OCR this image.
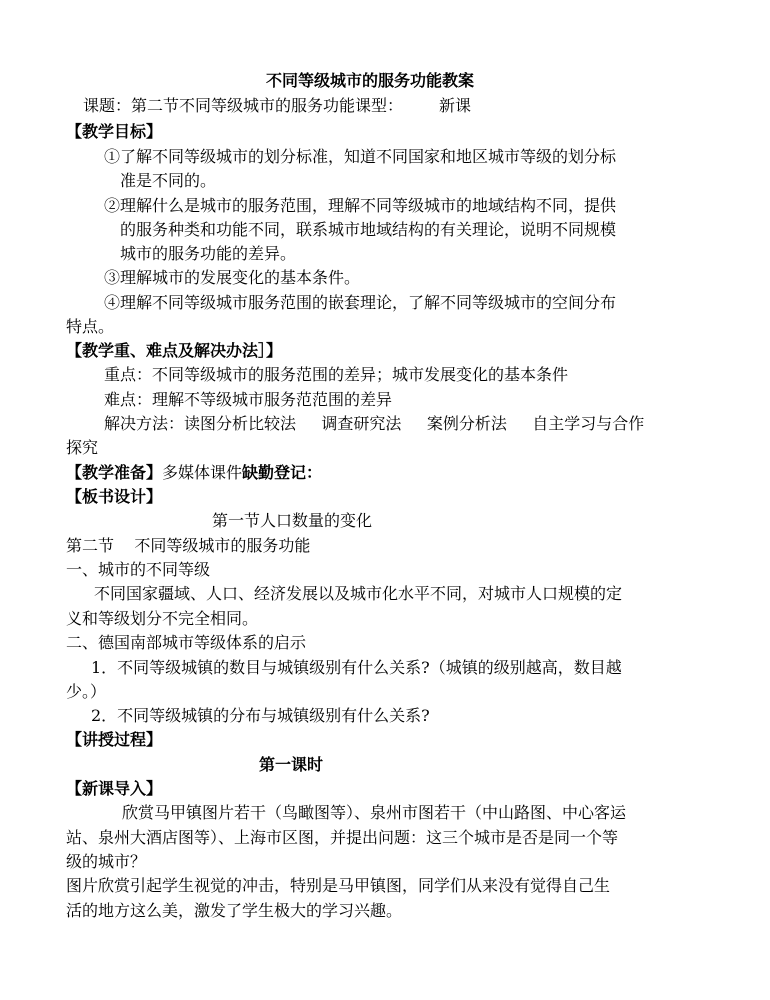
不同等级城市的服务功能教案
课题：第二节不同等级城市的服务功能课型： 新课
【教学目标】
①了解不同等级城市的划分标准，知道不同国家和地区城市等级的划分标
准是不同的。
②理解什么是城市的服务范围，理解不同等级城市的地域结构不同，提供
的服务种类和功能不同，联系城市地域结构的有关理论，说明不同规模
城市的服务功能的差异。
③理解城市的发展变化的基本条件。
④理解不同等级城市服务范围的嵌套理论，了解不同等级城市的空间分布
特点。
【教学重、难点及解决办法］】
重点：不同等级城市的服务范围的差异；城市发展变化的基本条件
难点：理解不等级城市服务范范围的差异
解决方法：读图分析比较法     调查研究法     案例分析法     自主学习与合作
探究
【教学准备】多媒体课件缺勤登记：
【板书设计】
第一节人口数量的变化
第二节    不同等级城市的服务功能
一、城市的不同等级
不同国家疆域、人口、经济发展以及城市化水平不同，对城市人口规模的定
义和等级划分不完全相同。
二、德国南部城市等级体系的启示
1．不同等级城镇的数目与城镇级别有什么关系?（城镇的级别越高，数目越
少。）
2．不同等级城镇的分布与城镇级别有什么关系?
【讲授过程】
第一课时
【新课导入】
欣赏马甲镇图片若干（鸟瞰图等）、泉州市图若干（中山路图、中心客运
站、泉州大酒店图等）、上海市区图，并提出问题：这三个城市是否是同一个等
级的城市？
图片欣赏引起学生视觉的冲击，特别是马甲镇图，同学们从来没有觉得自己生
活的地方这么美，激发了学生极大的学习兴趣。
